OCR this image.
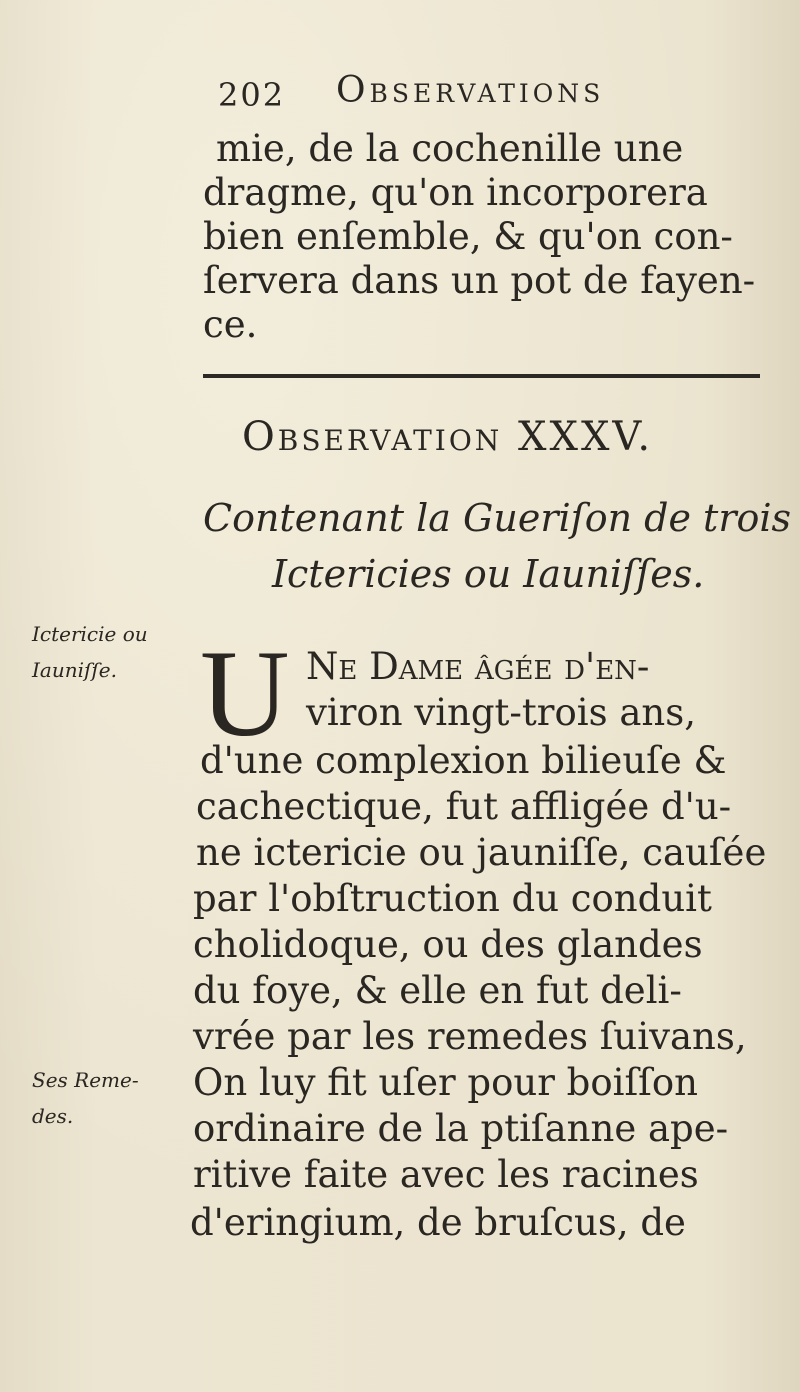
202 Observations
mie, de la cochenille une
dragme, qu'on incorporera
bien enſemble, & qu'on con-
ſervera dans un pot de fayen-
ce.
Observation XXXV.
Contenant la Gueriſon de trois
Ictericies ou Iauniſſes.
Ictericie ou
Iauniſſe. U Ne Dame âgée d'en-
viron vingt-trois ans,
d'une complexion bilieuſe &
cachectique, fut affligée d'u-
ne ictericie ou jauniſſe, cauſée
par l'obſtruction du conduit
cholidoque, ou des glandes
du foye, & elle en fut deli-
vrée par les remedes ſuivans,
On luy fit uſer pour boiſſon
ordinaire de la ptiſanne ape-
ritive faite avec les racines
d'eringium, de bruſcus, de
Ses Reme-
des.
